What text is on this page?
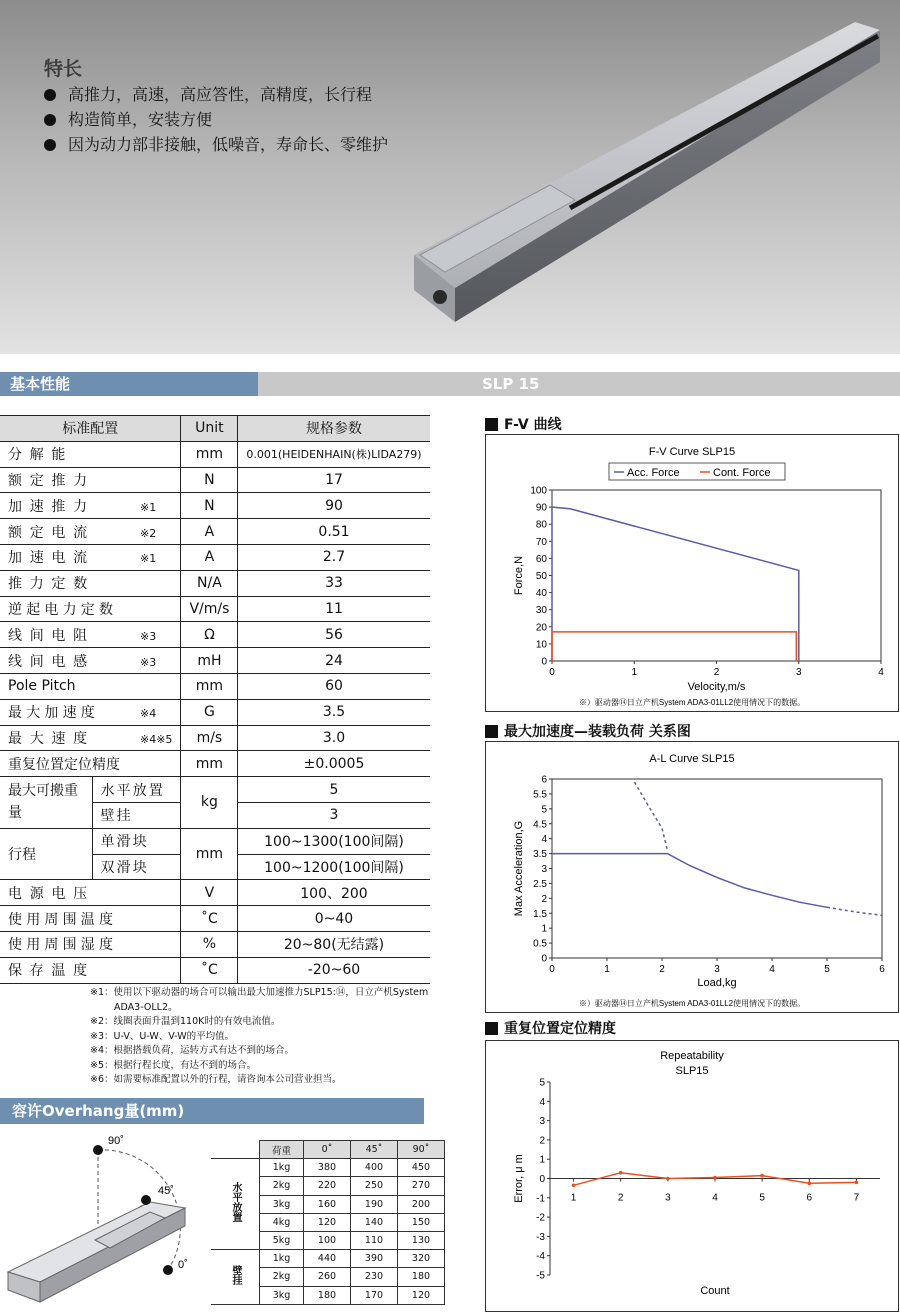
特长
高推力，高速，高应答性，高精度，长行程
构造简单，安装方便
因为动力部非接触，低噪音，寿命长、零维护
基本性能	SLP 15
标准配置		Unit	规格参数
分解能		mm	0.001(HEIDENHAIN(株)LIDA279)
额定推力		N	17
加速推力 ※1		N	90
额定电流 ※2		A	0.51
加速电流 ※1		A	2.7
推力定数		N/A	33
逆起电力定数		V/m/s	11
线间电阻 ※3		Ω	56
线间电感 ※3		mH	24
Pole Pitch		mm	60
最大加速度 ※4		G	3.5
最大速度 ※4※5		m/s	3.0
重复位置定位精度		mm	±0.0005
最大可搬重量	水平放置	kg	5
	壁挂		3
行程	单滑块	mm	100~1300(100间隔)
	双滑块		100~1200(100间隔)
电源电压		V	100、200
使用周围温度		˚C	0~40
使用周围湿度		%	20~80(无结露)
保存温度		˚C	-20~60
※1：使用以下驱动器的场合可以输出最大加速推力SLP15:⑭，日立产机System ADA3-OLL2。
※2：线圈表面升温到110K时的有效电流值。
※3：U-V、U-W、V-W的平均值。
※4：根据搭载负荷，运转方式有达不到的场合。
※5：根据行程长度，有达不到的场合。
※6：如需要标准配置以外的行程，请咨询本公司营业担当。
容许Overhang量(mm)
90˚
45˚
0˚
	荷重	0˚	45˚	90˚
水平放置	1kg	380	400	450
	2kg	220	250	270
	3kg	160	190	200
	4kg	120	140	150
	5kg	100	110	130
壁挂	1kg	440	390	320
	2kg	260	230	180
	3kg	180	170	120
F-V 曲线
F-V Curve SLP15
0
10
20
30
40
50
60
70
80
90
100
0	1	2	3	4
Velocity,m/s
Force,N
Acc. Force	Cont. Force
※）驱动器⑭日立产机System ADA3-01LL2使用情况下的数据。
最大加速度—装载负荷 关系图
A-L Curve SLP15
0
0.5
1
1.5
2
2.5
3
3.5
4
4.5
5
5.5
6
0	1	2	3	4	5	6
Load,kg
Max Acceleration,G
※）驱动器⑭日立产机System ADA3-01LL2使用情况下的数据。
重复位置定位精度
Repeatability
SLP15
5
4
3
2
1
0
-1
-2
-3
-4
-5
1	2	3	4	5	6	7
Count
Error, μ m
